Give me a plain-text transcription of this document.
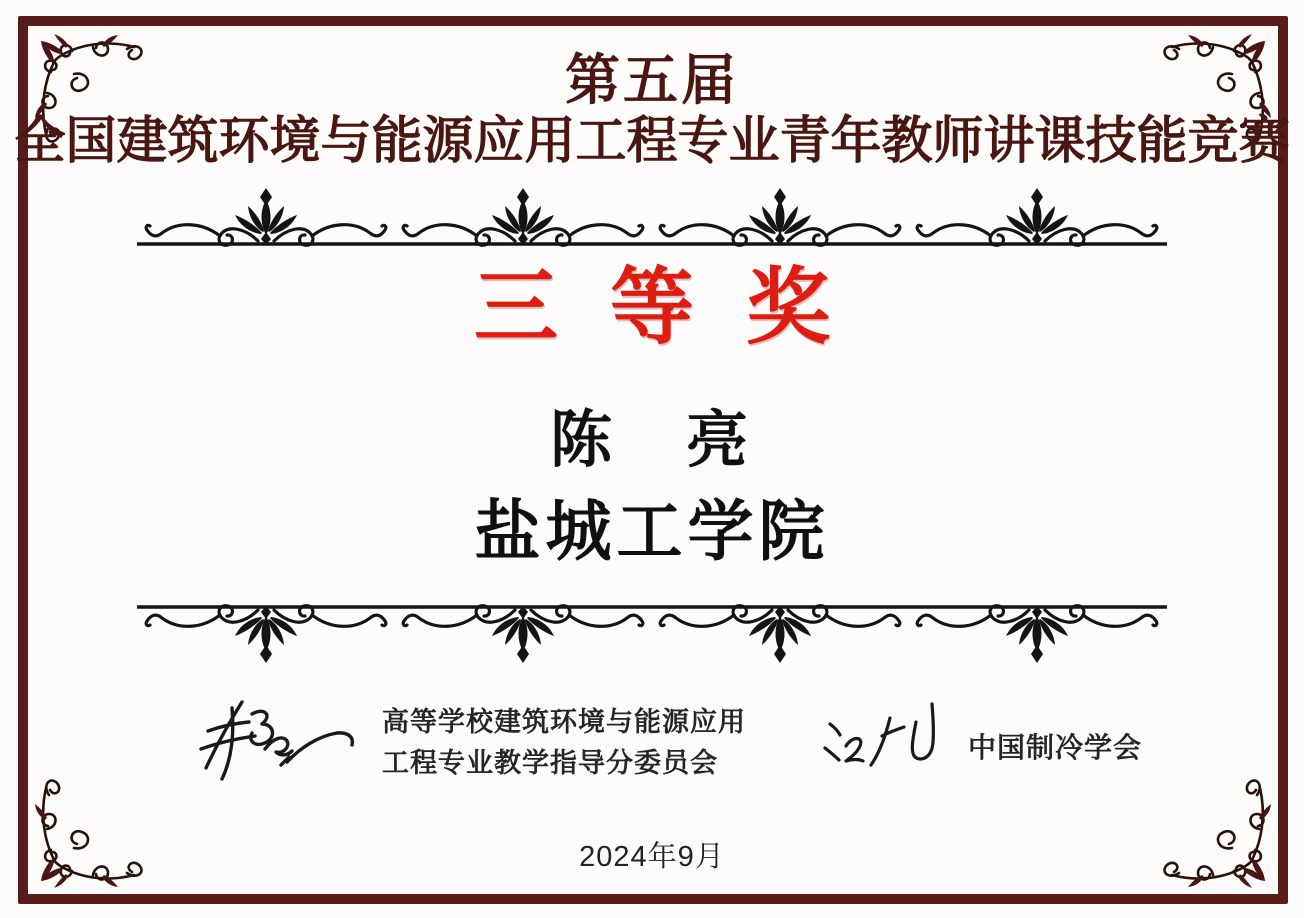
第五届
全国建筑环境与能源应用工程专业青年教师讲课技能竞赛
三等奖
陈　亮
盐城工学院
高等学校建筑环境与能源应用
工程专业教学指导分委员会	中国制冷学会
2024年9月
